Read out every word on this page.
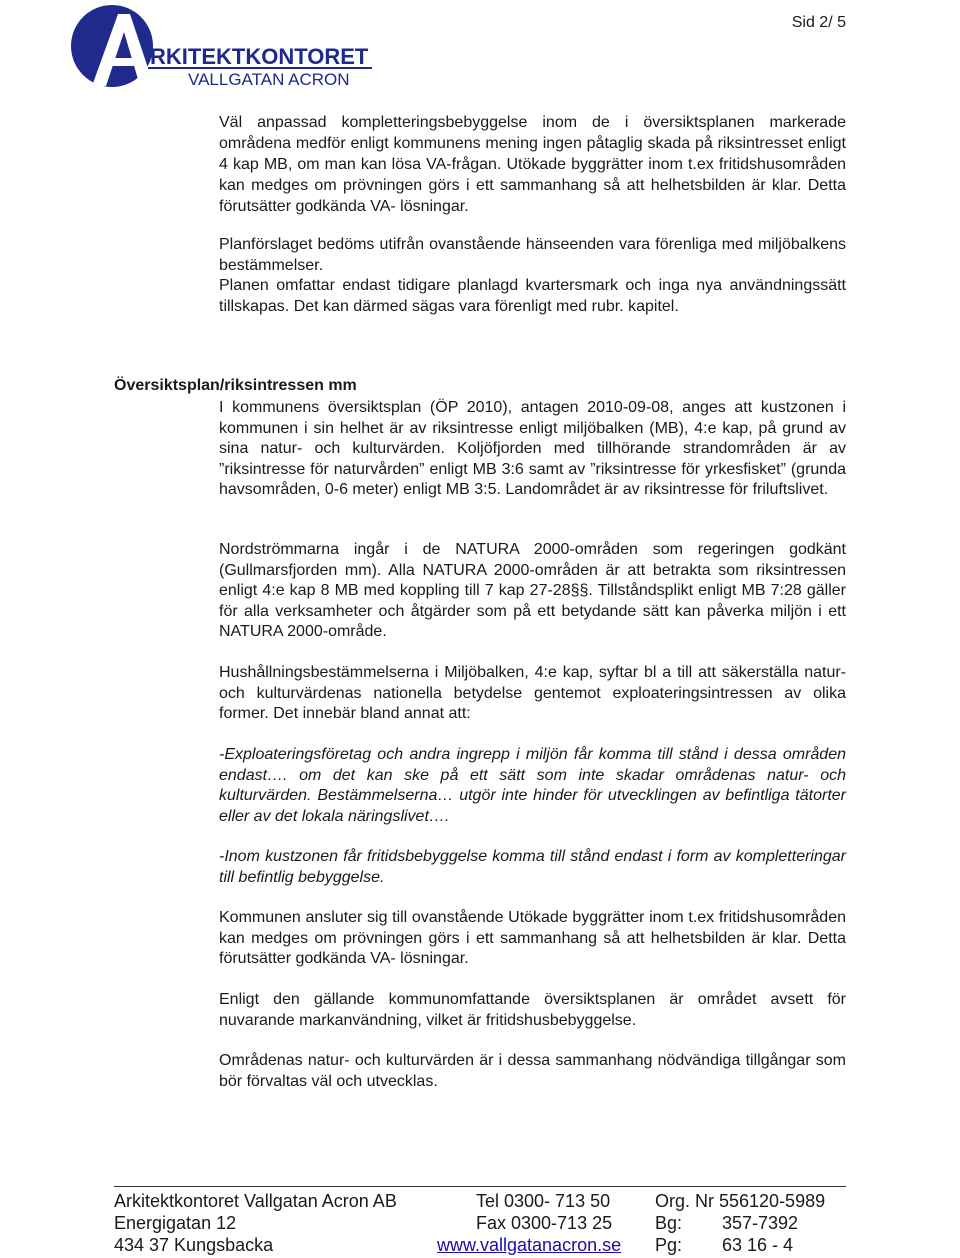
RKITEKTKONTORET
VALLGATAN ACRON
Sid 2/ 5
Väl anpassad kompletteringsbebyggelse inom de i översiktsplanen markerade områdena medför enligt kommunens mening ingen påtaglig skada på riksintresset enligt 4 kap MB, om man kan lösa VA-frågan. Utökade byggrätter inom t.ex fritidshusområden kan medges om prövningen görs i ett sammanhang så att helhetsbilden är klar. Detta förutsätter godkända VA- lösningar.
Planförslaget bedöms utifrån ovanstående hänseenden vara förenliga med miljöbalkens bestämmelser.
Planen omfattar endast tidigare planlagd kvartersmark och inga nya användningssätt tillskapas. Det kan därmed sägas vara förenligt med rubr. kapitel.
Översiktsplan/riksintressen mm
I kommunens översiktsplan (ÖP 2010), antagen 2010-09-08, anges att kustzonen i kommunen i sin helhet är av riksintresse enligt miljöbalken (MB), 4:e kap, på grund av sina natur- och kulturvärden. Koljöfjorden med tillhörande strandområden är av ”riksintresse för naturvården” enligt MB 3:6 samt av ”riksintresse för yrkesfisket” (grunda havsområden, 0-6 meter) enligt MB 3:5. Landområdet är av riksintresse för friluftslivet.
Nordströmmarna ingår i de NATURA 2000-områden som regeringen godkänt (Gullmarsfjorden mm). Alla NATURA 2000-områden är att betrakta som riksintressen enligt 4:e kap 8 MB med koppling till 7 kap 27-28§§. Tillståndsplikt enligt MB 7:28 gäller för alla verksamheter och åtgärder som på ett betydande sätt kan påverka miljön i ett NATURA 2000-område.
Hushållningsbestämmelserna i Miljöbalken, 4:e kap, syftar bl a till att säkerställa natur- och kulturvärdenas nationella betydelse gentemot exploateringsintressen av olika former. Det innebär bland annat att:
-Exploateringsföretag och andra ingrepp i miljön får komma till stånd i dessa områden endast…. om det kan ske på ett sätt som inte skadar områdenas natur- och kulturvärden. Bestämmelserna… utgör inte hinder för utvecklingen av befintliga tätorter eller av det lokala näringslivet….
-Inom kustzonen får fritidsbebyggelse komma till stånd endast i form av kompletteringar till befintlig bebyggelse.
Kommunen ansluter sig till ovanstående Utökade byggrätter inom t.ex fritidshusområden kan medges om prövningen görs i ett sammanhang så att helhetsbilden är klar. Detta förutsätter godkända VA- lösningar.
Enligt den gällande kommunomfattande översiktsplanen är området avsett för nuvarande markanvändning, vilket är fritidshusbebyggelse.
Områdenas natur- och kulturvärden är i dessa sammanhang nödvändiga tillgångar som bör förvaltas väl och utvecklas.
Arkitektkontoret Vallgatan Acron AB
Energigatan 12
434 37 Kungsbacka
Tel 0300- 713 50
Fax 0300-713 25
www.vallgatanacron.se
Org. Nr 556120-5989
Bg: 357-7392
Pg: 63 16 - 4
